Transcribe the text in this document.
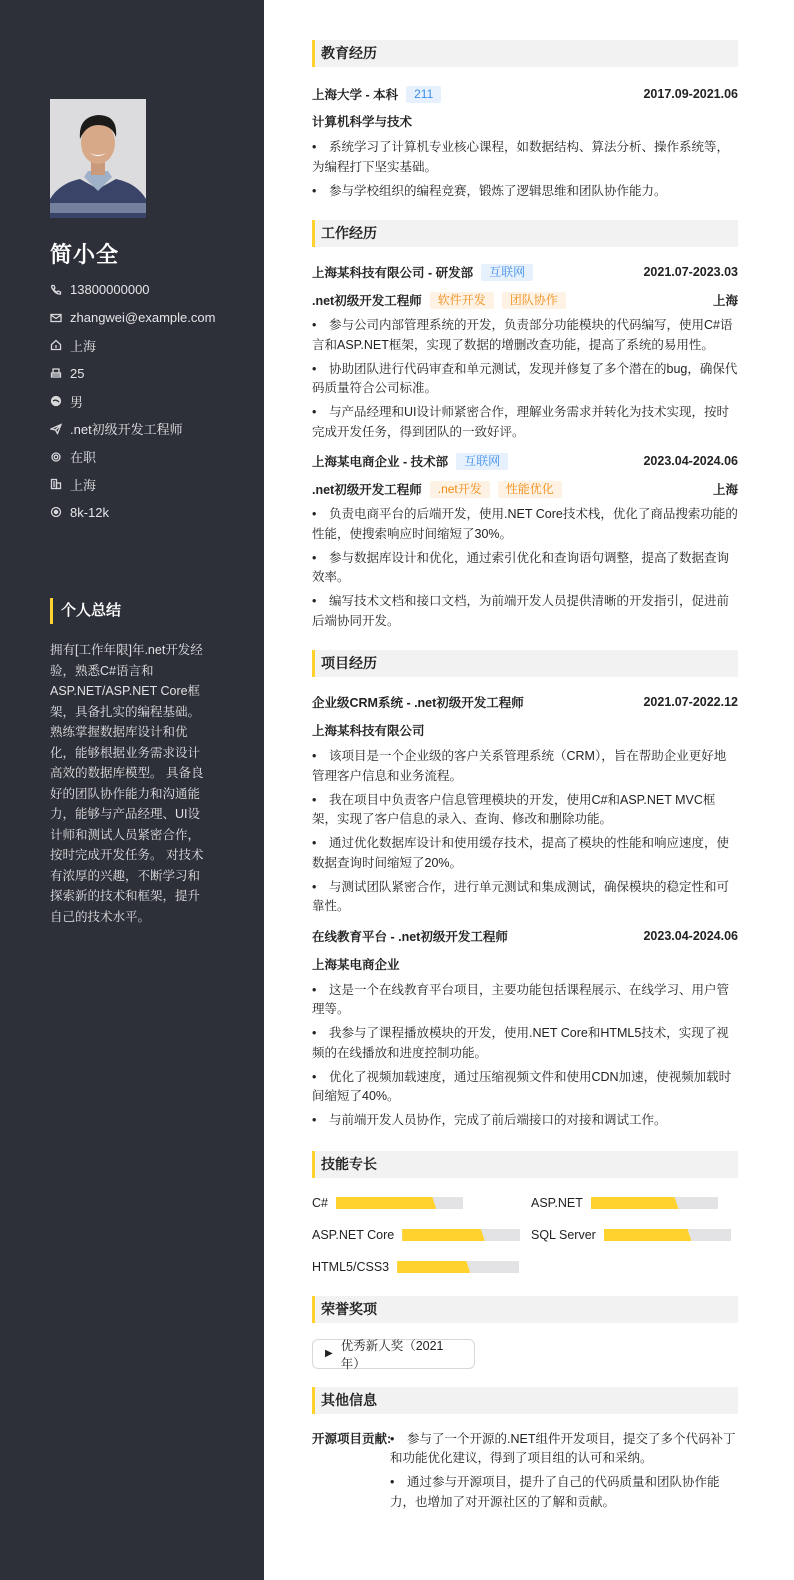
简小全
13800000000
zhangwei@example.com
上海
25
男
.net初级开发工程师
在职
上海
8k-12k
个人总结
拥有[工作年限]年.net开发经验，熟悉C#语言和ASP.NET/ASP.NET Core框架，具备扎实的编程基础。 熟练掌握数据库设计和优化，能够根据业务需求设计高效的数据库模型。 具备良好的团队协作能力和沟通能力，能够与产品经理、UI设计师和测试人员紧密合作，按时完成开发任务。 对技术有浓厚的兴趣，不断学习和探索新的技术和框架，提升自己的技术水平。
教育经历
上海大学 - 本科	211	2017.09-2021.06
计算机科学与技术
• 系统学习了计算机专业核心课程，如数据结构、算法分析、操作系统等，为编程打下坚实基础。
• 参与学校组织的编程竞赛，锻炼了逻辑思维和团队协作能力。
工作经历
上海某科技有限公司 - 研发部	互联网	2021.07-2023.03
.net初级开发工程师	软件开发	团队协作	上海
• 参与公司内部管理系统的开发，负责部分功能模块的代码编写，使用C#语言和ASP.NET框架，实现了数据的增删改查功能，提高了系统的易用性。
• 协助团队进行代码审查和单元测试，发现并修复了多个潜在的bug，确保代码质量符合公司标准。
• 与产品经理和UI设计师紧密合作，理解业务需求并转化为技术实现，按时完成开发任务，得到团队的一致好评。
上海某电商企业 - 技术部	互联网	2023.04-2024.06
.net初级开发工程师	.net开发	性能优化	上海
• 负责电商平台的后端开发，使用.NET Core技术栈，优化了商品搜索功能的性能，使搜索响应时间缩短了30%。
• 参与数据库设计和优化，通过索引优化和查询语句调整，提高了数据查询效率。
• 编写技术文档和接口文档，为前端开发人员提供清晰的开发指引，促进前后端协同开发。
项目经历
企业级CRM系统 - .net初级开发工程师	2021.07-2022.12
上海某科技有限公司
• 该项目是一个企业级的客户关系管理系统（CRM），旨在帮助企业更好地管理客户信息和业务流程。
• 我在项目中负责客户信息管理模块的开发，使用C#和ASP.NET MVC框架，实现了客户信息的录入、查询、修改和删除功能。
• 通过优化数据库设计和使用缓存技术，提高了模块的性能和响应速度，使数据查询时间缩短了20%。
• 与测试团队紧密合作，进行单元测试和集成测试，确保模块的稳定性和可靠性。
在线教育平台 - .net初级开发工程师	2023.04-2024.06
上海某电商企业
• 这是一个在线教育平台项目，主要功能包括课程展示、在线学习、用户管理等。
• 我参与了课程播放模块的开发，使用.NET Core和HTML5技术，实现了视频的在线播放和进度控制功能。
• 优化了视频加载速度，通过压缩视频文件和使用CDN加速，使视频加载时间缩短了40%。
• 与前端开发人员协作，完成了前后端接口的对接和调试工作。
技能专长
C#	ASP.NET
ASP.NET Core	SQL Server
HTML5/CSS3
荣誉奖项
▶
优秀新人奖（2021年）
其他信息
开源项目贡献:
• 参与了一个开源的.NET组件开发项目，提交了多个代码补丁和功能优化建议，得到了项目组的认可和采纳。
• 通过参与开源项目，提升了自己的代码质量和团队协作能力，也增加了对开源社区的了解和贡献。
